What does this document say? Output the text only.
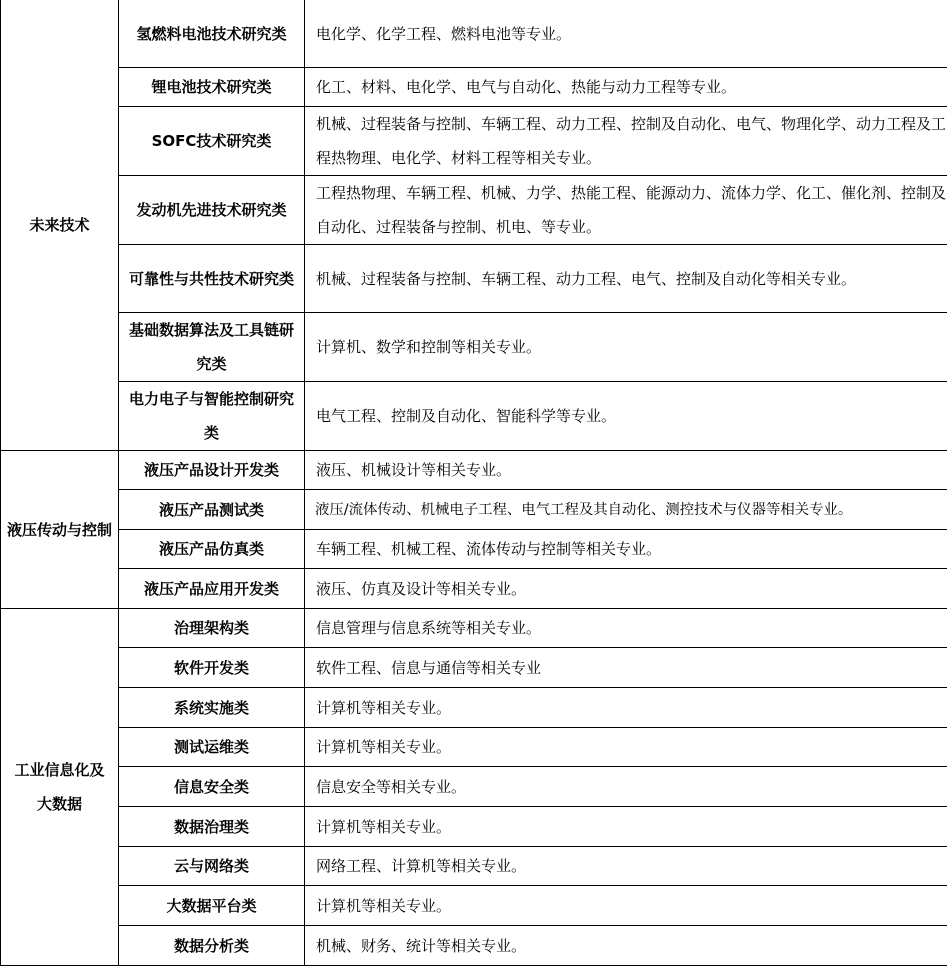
未来技术	氢燃料电池技术研究类	电化学、化学工程、燃料电池等专业。
	锂电池技术研究类	化工、材料、电化学、电气与自动化、热能与动力工程等专业。
	SOFC技术研究类	机械、过程装备与控制、车辆工程、动力工程、控制及自动化、电气、物理化学、动力工程及工程热物理、电化学、材料工程等相关专业。
	发动机先进技术研究类	工程热物理、车辆工程、机械、力学、热能工程、能源动力、流体力学、化工、催化剂、控制及自动化、过程装备与控制、机电、等专业。
	可靠性与共性技术研究类	机械、过程装备与控制、车辆工程、动力工程、电气、控制及自动化等相关专业。
	基础数据算法及工具链研究类	计算机、数学和控制等相关专业。
	电力电子与智能控制研究类	电气工程、控制及自动化、智能科学等专业。
液压传动与控制	液压产品设计开发类	液压、机械设计等相关专业。
	液压产品测试类	液压/流体传动、机械电子工程、电气工程及其自动化、测控技术与仪器等相关专业。
	液压产品仿真类	车辆工程、机械工程、流体传动与控制等相关专业。
	液压产品应用开发类	液压、仿真及设计等相关专业。
工业信息化及大数据	治理架构类	信息管理与信息系统等相关专业。
	软件开发类	软件工程、信息与通信等相关专业
	系统实施类	计算机等相关专业。
	测试运维类	计算机等相关专业。
	信息安全类	信息安全等相关专业。
	数据治理类	计算机等相关专业。
	云与网络类	网络工程、计算机等相关专业。
	大数据平台类	计算机等相关专业。
	数据分析类	机械、财务、统计等相关专业。
